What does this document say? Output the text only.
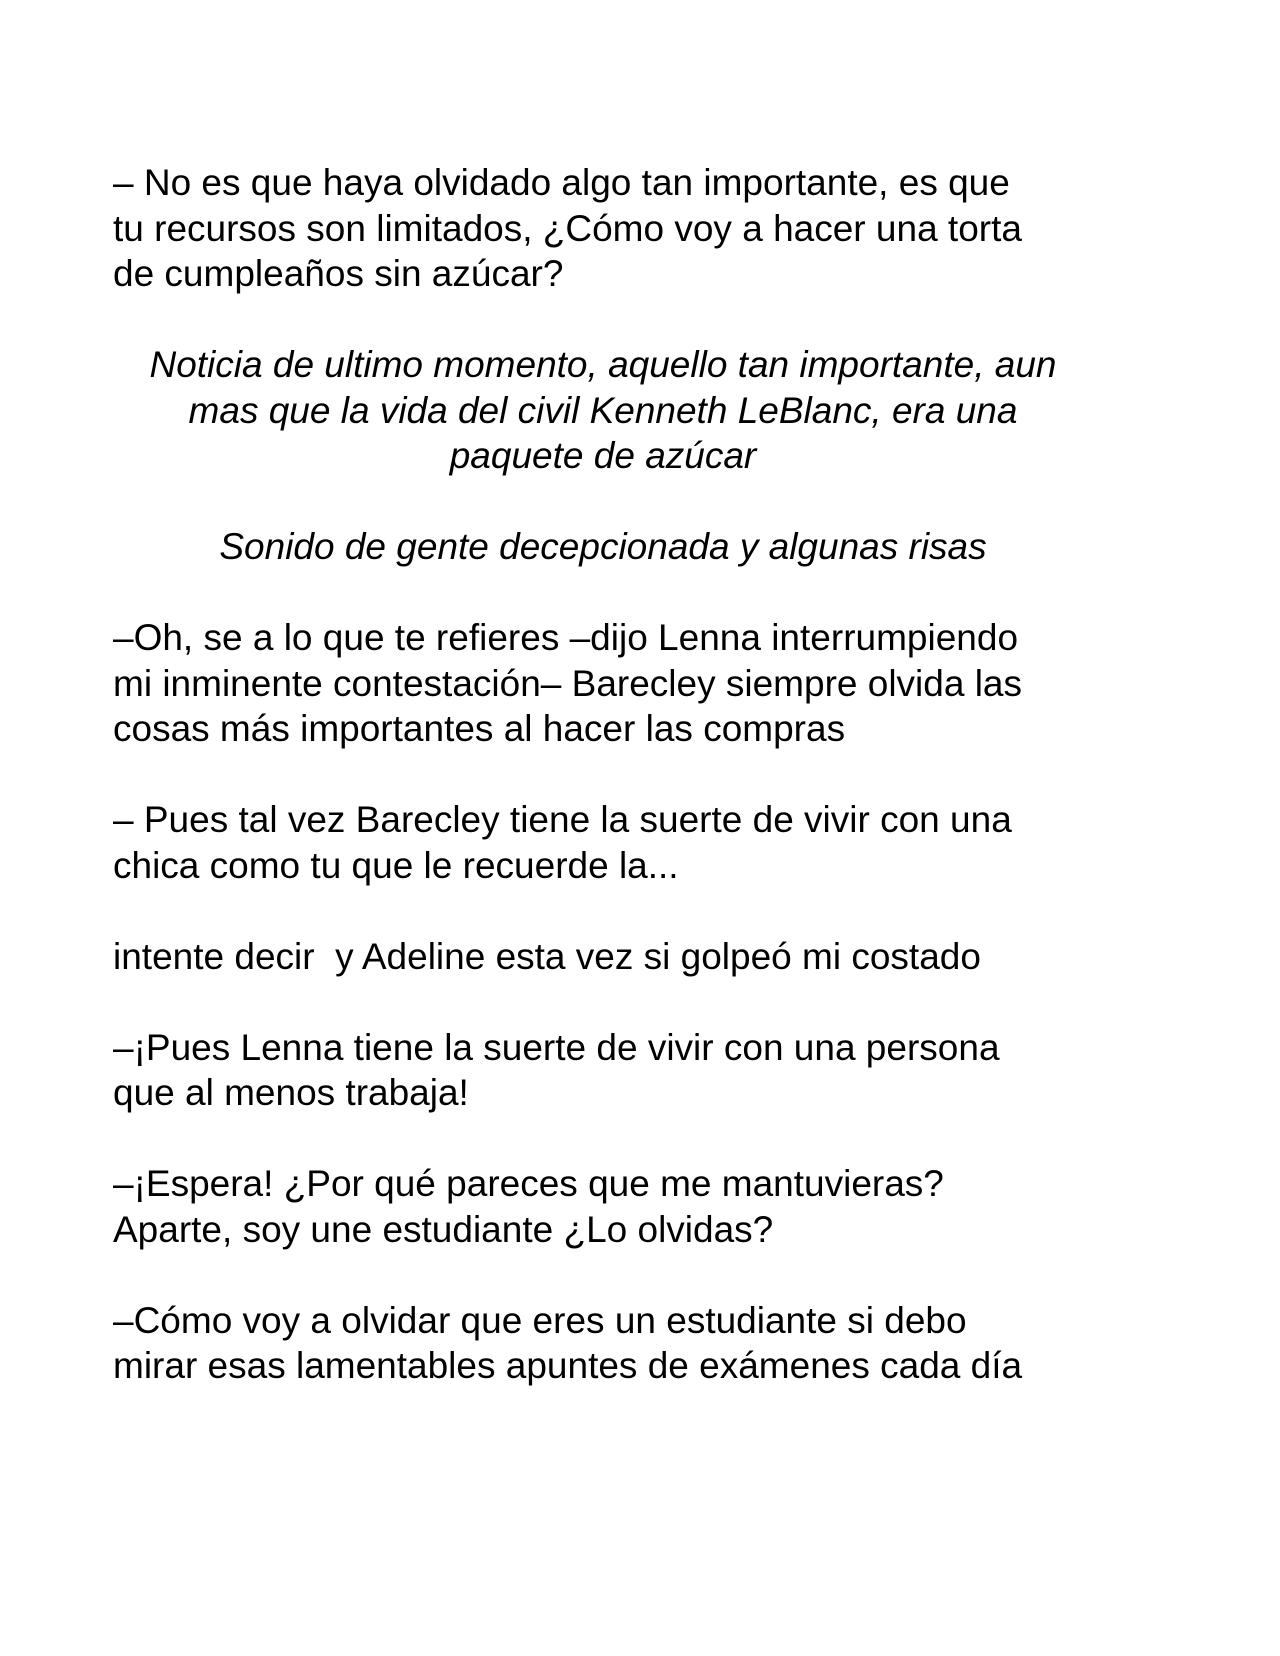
– No es que haya olvidado algo tan importante, es que
tu recursos son limitados, ¿Cómo voy a hacer una torta
de cumpleaños sin azúcar?

Noticia de ultimo momento, aquello tan importante, aun
mas que la vida del civil Kenneth LeBlanc, era una
paquete de azúcar

Sonido de gente decepcionada y algunas risas

–Oh, se a lo que te refieres –dijo Lenna interrumpiendo
mi inminente contestación– Barecley siempre olvida las
cosas más importantes al hacer las compras

– Pues tal vez Barecley tiene la suerte de vivir con una
chica como tu que le recuerde la...

intente decir  y Adeline esta vez si golpeó mi costado

–¡Pues Lenna tiene la suerte de vivir con una persona
que al menos trabaja!

–¡Espera! ¿Por qué pareces que me mantuvieras?
Aparte, soy une estudiante ¿Lo olvidas?

–Cómo voy a olvidar que eres un estudiante si debo
mirar esas lamentables apuntes de exámenes cada día
